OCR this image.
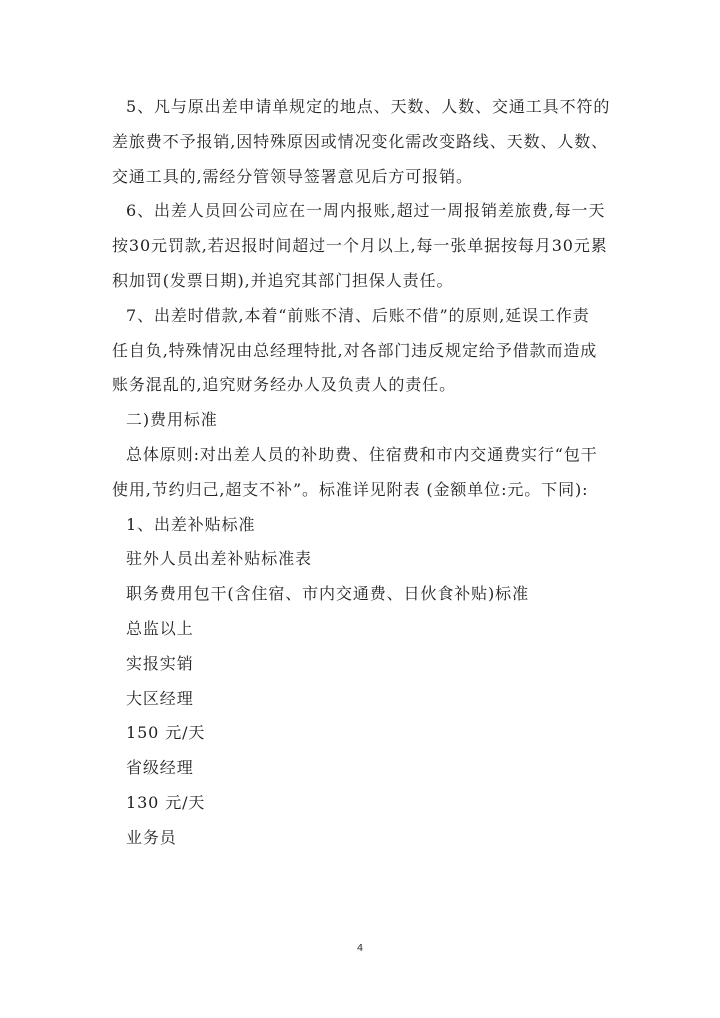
5、凡与原出差申请单规定的地点、天数、人数、交通工具不符的
差旅费不予报销,因特殊原因或情况变化需改变路线、天数、人数、
交通工具的,需经分管领导签署意见后方可报销。
6、出差人员回公司应在一周内报账,超过一周报销差旅费,每一天
按30元罚款,若迟报时间超过一个月以上,每一张单据按每月30元累
积加罚(发票日期),并追究其部门担保人责任。
7、出差时借款,本着“前账不清、后账不借”的原则,延误工作责
任自负,特殊情况由总经理特批,对各部门违反规定给予借款而造成
账务混乱的,追究财务经办人及负责人的责任。
二)费用标准
总体原则:对出差人员的补助费、住宿费和市内交通费实行“包干
使用,节约归己,超支不补”。标准详见附表 (金额单位:元。下同):
1、出差补贴标准
驻外人员出差补贴标准表
职务费用包干(含住宿、市内交通费、日伙食补贴)标准
总监以上
实报实销
大区经理
150 元/天
省级经理
130 元/天
业务员
4
